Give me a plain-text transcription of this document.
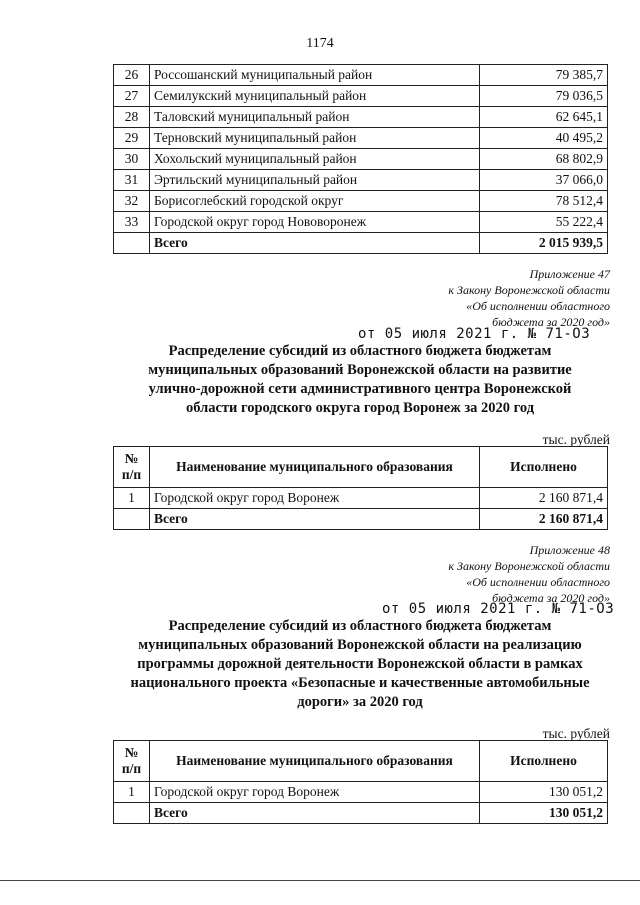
1174
26	Россошанский муниципальный район	79 385,7
27	Семилукский муниципальный район	79 036,5
28	Таловский муниципальный район	62 645,1
29	Терновский муниципальный район	40 495,2
30	Хохольский муниципальный район	68 802,9
31	Эртильский муниципальный район	37 066,0
32	Борисоглебский городской округ	78 512,4
33	Городской округ город Нововоронеж	55 222,4
	Всего	2 015 939,5
Приложение 47
к Закону Воронежской области
«Об исполнении областного
бюджета за 2020 год»
от 05 июля 2021 г. № 71-ОЗ
Распределение субсидий из областного бюджета бюджетам
муниципальных образований Воронежской области на развитие
улично-дорожной сети административного центра Воронежской
области городского округа город Воронеж за 2020 год
тыс. рублей
№ п/п	Наименование муниципального образования	Исполнено
1	Городской округ город Воронеж	2 160 871,4
	Всего	2 160 871,4
Приложение 48
к Закону Воронежской области
«Об исполнении областного
бюджета за 2020 год»
от 05 июля 2021 г. № 71-ОЗ
Распределение субсидий из областного бюджета бюджетам
муниципальных образований Воронежской области на реализацию
программы дорожной деятельности Воронежской области в рамках
национального проекта «Безопасные и качественные автомобильные
дороги» за 2020 год
тыс. рублей
№ п/п	Наименование муниципального образования	Исполнено
1	Городской округ город Воронеж	130 051,2
	Всего	130 051,2
